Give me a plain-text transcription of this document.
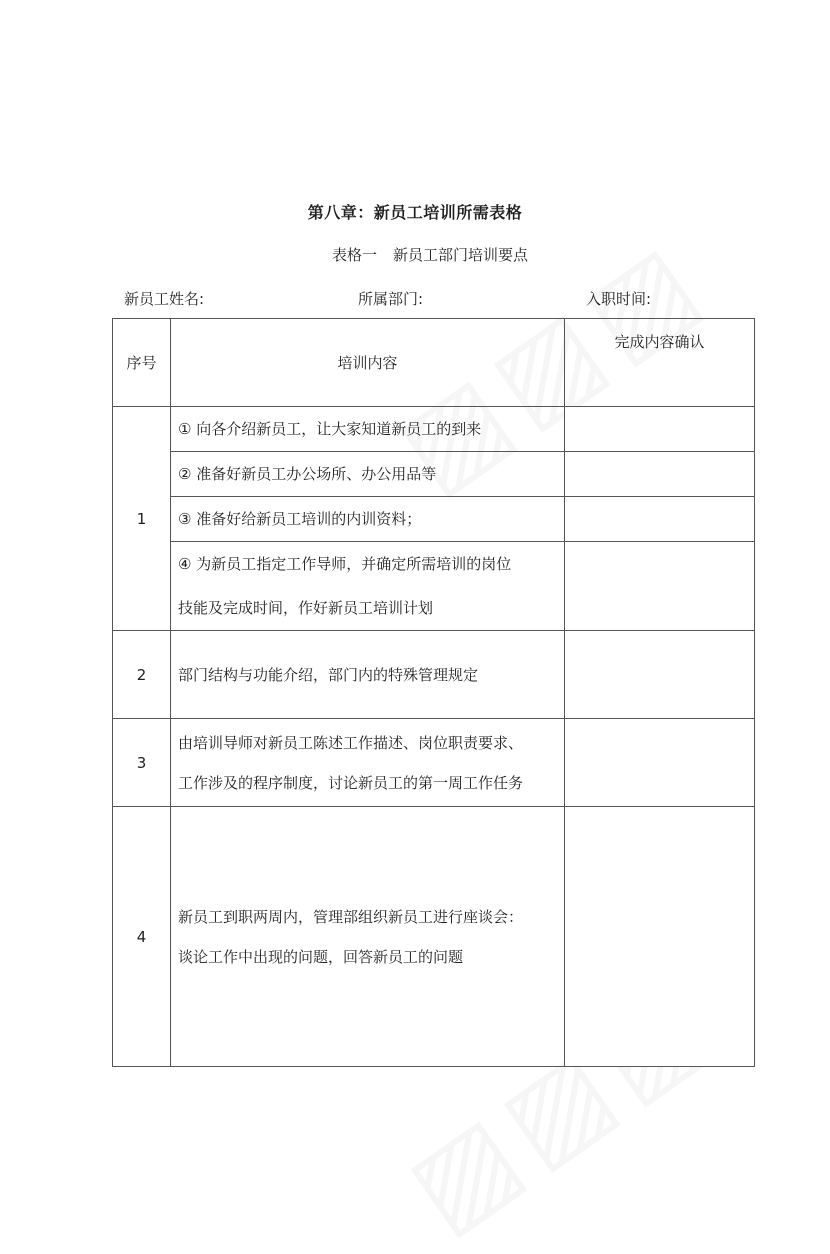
第八章：新员工培训所需表格
表格一 新员工部门培训要点
新员工姓名:	所属部门:	入职时间:
序号	培训内容	完成内容确认
1	① 向各介绍新员工，让大家知道新员工的到来	
	② 准备好新员工办公场所、办公用品等	
	③ 准备好给新员工培训的内训资料；	

	④ 为新员工指定工作导师，并确定所需培训的岗位
技能及完成时间，作好新员工培训计划	

2	部门结构与功能介绍，部门内的特殊管理规定	
3	由培训导师对新员工陈述工作描述、岗位职责要求、
工作涉及的程序制度，讨论新员工的第一周工作任务	

4	新员工到职两周内，管理部组织新员工进行座谈会：
谈论工作中出现的问题，回答新员工的问题	
